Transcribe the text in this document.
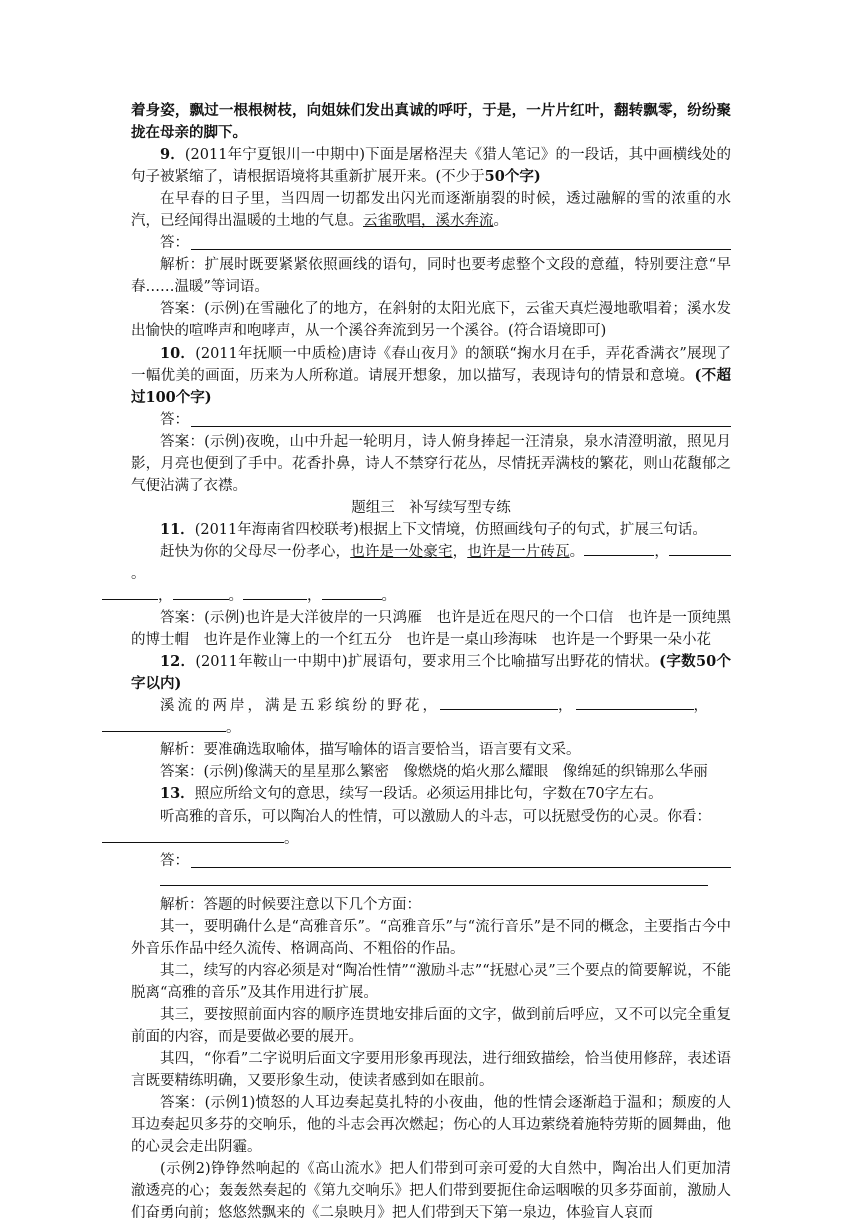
着身姿，飘过一根根树枝，向姐妹们发出真诚的呼吁，于是，一片片红叶，翻转飘零，纷纷聚拢在母亲的脚下。

9．(2011年宁夏银川一中期中)下面是屠格涅夫《猎人笔记》的一段话，其中画横线处的句子被紧缩了，请根据语境将其重新扩展开来。(不少于50个字)

在早春的日子里，当四周一切都发出闪光而逐渐崩裂的时候，透过融解的雪的浓重的水汽，已经闻得出温暖的土地的气息。云雀歌唱，溪水奔流。

答：

解析：扩展时既要紧紧依照画线的语句，同时也要考虑整个文段的意蕴，特别要注意“早春……温暖”等词语。

答案：(示例)在雪融化了的地方，在斜射的太阳光底下，云雀天真烂漫地歌唱着；溪水发出愉快的喧哗声和咆哮声，从一个溪谷奔流到另一个溪谷。(符合语境即可)

10．(2011年抚顺一中质检)唐诗《春山夜月》的颔联“掬水月在手，弄花香满衣”展现了一幅优美的画面，历来为人所称道。请展开想象，加以描写，表现诗句的情景和意境。(不超过100个字)

答：

答案：(示例)夜晚，山中升起一轮明月，诗人俯身捧起一汪清泉，泉水清澄明澈，照见月影，月亮也便到了手中。花香扑鼻，诗人不禁穿行花丛，尽情抚弄满枝的繁花，则山花馥郁之气便沾满了衣襟。

题组三　补写续写型专练

11．(2011年海南省四校联考)根据上下文情境，仿照画线句子的句式，扩展三句话。

赶快为你的父母尽一份孝心，也许是一处豪宅，也许是一片砖瓦。	，。
，	。	，	。

答案：(示例)也许是大洋彼岸的一只鸿雁　也许是近在咫尺的一个口信　也许是一顶纯黑的博士帽　也许是作业簿上的一个红五分　也许是一桌山珍海味　也许是一个野果一朵小花

12．(2011年鞍山一中期中)扩展语句，要求用三个比喻描写出野花的情状。(字数50个字以内)

溪流的两岸，满是五彩缤纷的野花，	，	，
。

解析：要准确选取喻体，描写喻体的语言要恰当，语言要有文采。

答案：(示例)像满天的星星那么繁密　像燃烧的焰火那么耀眼　像绵延的织锦那么华丽

13．照应所给文句的意思，续写一段话。必须运用排比句，字数在70字左右。

听高雅的音乐，可以陶冶人的性情，可以激励人的斗志，可以抚慰受伤的心灵。你看：
。

答：

解析：答题的时候要注意以下几个方面：

其一，要明确什么是“高雅音乐”。“高雅音乐”与“流行音乐”是不同的概念，主要指古今中外音乐作品中经久流传、格调高尚、不粗俗的作品。

其二，续写的内容必须是对“陶冶性情”“激励斗志”“抚慰心灵”三个要点的简要解说，不能脱离“高雅的音乐”及其作用进行扩展。

其三，要按照前面内容的顺序连贯地安排后面的文字，做到前后呼应，又不可以完全重复前面的内容，而是要做必要的展开。

其四，“你看”二字说明后面文字要用形象再现法，进行细致描绘，恰当使用修辞，表述语言既要精练明确，又要形象生动，使读者感到如在眼前。

答案：(示例1)愤怒的人耳边奏起莫扎特的小夜曲，他的性情会逐渐趋于温和；颓废的人耳边奏起贝多芬的交响乐，他的斗志会再次燃起；伤心的人耳边萦绕着施特劳斯的圆舞曲，他的心灵会走出阴霾。

(示例2)铮铮然响起的《高山流水》把人们带到可亲可爱的大自然中，陶冶出人们更加清澈透亮的心；轰轰然奏起的《第九交响乐》把人们带到要扼住命运咽喉的贝多芬面前，激励人们奋勇向前；悠悠然飘来的《二泉映月》把人们带到天下第一泉边，体验盲人哀而
